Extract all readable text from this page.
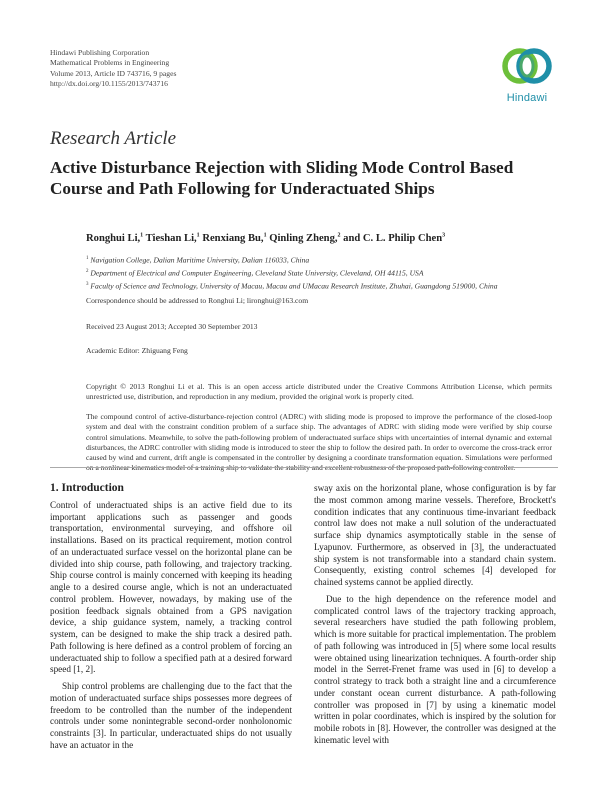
Hindawi Publishing Corporation
Mathematical Problems in Engineering
Volume 2013, Article ID 743716, 9 pages
http://dx.doi.org/10.1155/2013/743716
Hindawi
Research Article
Active Disturbance Rejection with Sliding Mode Control Based Course and Path Following for Underactuated Ships
Ronghui Li,$^1$ Tieshan Li,$^1$ Renxiang Bu,$^1$ Qinling Zheng,$^2$ and C. L. Philip Chen$^3$
$^1$ Navigation College, Dalian Maritime University, Dalian 116033, China
$^2$ Department of Electrical and Computer Engineering, Cleveland State University, Cleveland, OH 44115, USA
$^3$ Faculty of Science and Technology, University of Macau, Macau and UMacau Research Institute, Zhuhai, Guangdong 519000, China
Correspondence should be addressed to Ronghui Li; lironghui@163.com
Received 23 August 2013; Accepted 30 September 2013
Academic Editor: Zhiguang Feng
Copyright © 2013 Ronghui Li et al. This is an open access article distributed under the Creative Commons Attribution License, which permits unrestricted use, distribution, and reproduction in any medium, provided the original work is properly cited.
The compound control of active-disturbance-rejection control (ADRC) with sliding mode is proposed to improve the performance of the closed-loop system and deal with the constraint condition problem of a surface ship. The advantages of ADRC with sliding mode were verified by ship course control simulations. Meanwhile, to solve the path-following problem of underactuated surface ships with uncertainties of internal dynamic and external disturbances, the ADRC controller with sliding mode is introduced to steer the ship to follow the desired path. In order to overcome the cross-track error caused by wind and current, drift angle is compensated in the controller by designing a coordinate transformation equation. Simulations were performed on a nonlinear kinematics model of a training ship to validate the stability and excellent robustness of the proposed path-following controller.
1. Introduction

Control of underactuated ships is an active field due to its important applications such as passenger and goods transportation, environmental surveying, and offshore oil installations. Based on its practical requirement, motion control of an underactuated surface vessel on the horizontal plane can be divided into ship course, path following, and trajectory tracking. Ship course control is mainly concerned with keeping its heading angle to a desired course angle, which is not an underactuated control problem. However, nowadays, by making use of the position feedback signals obtained from a GPS navigation device, a ship guidance system, namely, a tracking control system, can be designed to make the ship track a desired path. Path following is here defined as a control problem of forcing an underactuated ship to follow a specified path at a desired forward speed [1, 2].

Ship control problems are challenging due to the fact that the motion of underactuated surface ships possesses more degrees of freedom to be controlled than the number of the independent controls under some nonintegrable second-order nonholonomic constraints [3]. In particular, underactuated ships do not usually have an actuator in the

sway axis on the horizontal plane, whose configuration is by far the most common among marine vessels. Therefore, Brockett's condition indicates that any continuous time-invariant feedback control law does not make a null solution of the underactuated surface ship dynamics asymptotically stable in the sense of Lyapunov. Furthermore, as observed in [3], the underactuated ship system is not transformable into a standard chain system. Consequently, existing control schemes [4] developed for chained systems cannot be applied directly.

Due to the high dependence on the reference model and complicated control laws of the trajectory tracking approach, several researchers have studied the path following problem, which is more suitable for practical implementation. The problem of path following was introduced in [5] where some local results were obtained using linearization techniques. A fourth-order ship model in the Serret-Frenet frame was used in [6] to develop a control strategy to track both a straight line and a circumference under constant ocean current disturbance. A path-following controller was proposed in [7] by using a kinematic model written in polar coordinates, which is inspired by the solution for mobile robots in [8]. However, the controller was designed at the kinematic level with
